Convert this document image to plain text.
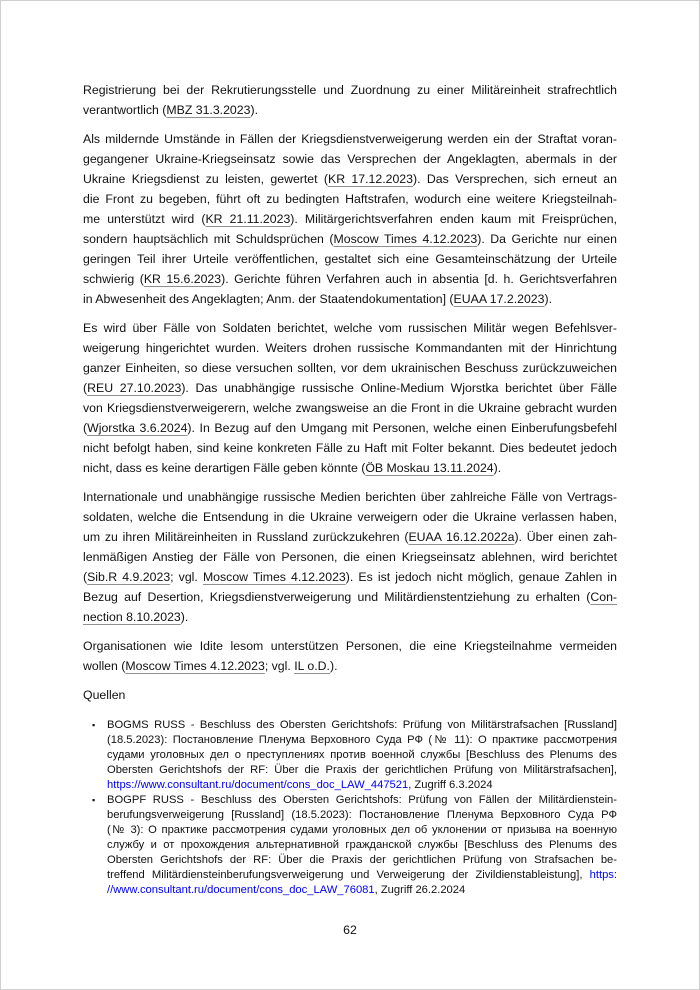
Registrierung bei der Rekrutierungsstelle und Zuordnung zu einer Militäreinheit strafrechtlich
verantwortlich (MBZ 31.3.2023).
Als mildernde Umstände in Fällen der Kriegsdienstverweigerung werden ein der Straftat voran-
gegangener Ukraine-Kriegseinsatz sowie das Versprechen der Angeklagten, abermals in der
Ukraine Kriegsdienst zu leisten, gewertet (KR 17.12.2023). Das Versprechen, sich erneut an
die Front zu begeben, führt oft zu bedingten Haftstrafen, wodurch eine weitere Kriegsteilnah-
me unterstützt wird (KR 21.11.2023). Militärgerichtsverfahren enden kaum mit Freisprüchen,
sondern hauptsächlich mit Schuldsprüchen (Moscow Times 4.12.2023). Da Gerichte nur einen
geringen Teil ihrer Urteile veröffentlichen, gestaltet sich eine Gesamteinschätzung der Urteile
schwierig (KR 15.6.2023). Gerichte führen Verfahren auch in absentia [d. h. Gerichtsverfahren
in Abwesenheit des Angeklagten; Anm. der Staatendokumentation] (EUAA 17.2.2023).
Es wird über Fälle von Soldaten berichtet, welche vom russischen Militär wegen Befehlsver-
weigerung hingerichtet wurden. Weiters drohen russische Kommandanten mit der Hinrichtung
ganzer Einheiten, so diese versuchen sollten, vor dem ukrainischen Beschuss zurückzuweichen
(REU 27.10.2023). Das unabhängige russische Online-Medium Wjorstka berichtet über Fälle
von Kriegsdienstverweigerern, welche zwangsweise an die Front in die Ukraine gebracht wurden
(Wjorstka 3.6.2024). In Bezug auf den Umgang mit Personen, welche einen Einberufungsbefehl
nicht befolgt haben, sind keine konkreten Fälle zu Haft mit Folter bekannt. Dies bedeutet jedoch
nicht, dass es keine derartigen Fälle geben könnte (ÖB Moskau 13.11.2024).
Internationale und unabhängige russische Medien berichten über zahlreiche Fälle von Vertrags-
soldaten, welche die Entsendung in die Ukraine verweigern oder die Ukraine verlassen haben,
um zu ihren Militäreinheiten in Russland zurückzukehren (EUAA 16.12.2022a). Über einen zah-
lenmäßigen Anstieg der Fälle von Personen, die einen Kriegseinsatz ablehnen, wird berichtet
(Sib.R 4.9.2023; vgl. Moscow Times 4.12.2023). Es ist jedoch nicht möglich, genaue Zahlen in
Bezug auf Desertion, Kriegsdienstverweigerung und Militärdienstentziehung zu erhalten (Con-
nection 8.10.2023).
Organisationen wie Idite lesom unterstützen Personen, die eine Kriegsteilnahme vermeiden
wollen (Moscow Times 4.12.2023; vgl. IL o.D.).
Quellen
▪ BOGMS RUSS - Beschluss des Obersten Gerichtshofs: Prüfung von Militärstrafsachen [Russland]
(18.5.2023): Постановление Пленума Верховного Суда РФ (№ 11): О практике рассмотрения
судами уголовных дел о преступлениях против военной службы [Beschluss des Plenums des
Obersten Gerichtshofs der RF: Über die Praxis der gerichtlichen Prüfung von Militärstrafsachen],
https://www.consultant.ru/document/cons_doc_LAW_447521, Zugriff 6.3.2024
▪ BOGPF RUSS - Beschluss des Obersten Gerichtshofs: Prüfung von Fällen der Militärdienstein-
berufungsverweigerung [Russland] (18.5.2023): Постановление Пленума Верховного Суда РФ
(№ 3): О практике рассмотрения судами уголовных дел об уклонении от призыва на военную
службу и от прохождения альтернативной гражданской службы [Beschluss des Plenums des
Obersten Gerichtshofs der RF: Über die Praxis der gerichtlichen Prüfung von Strafsachen be-
treffend Militärdiensteinberufungsverweigerung und Verweigerung der Zivildienstableistung], https:
//www.consultant.ru/document/cons_doc_LAW_76081, Zugriff 26.2.2024
62
